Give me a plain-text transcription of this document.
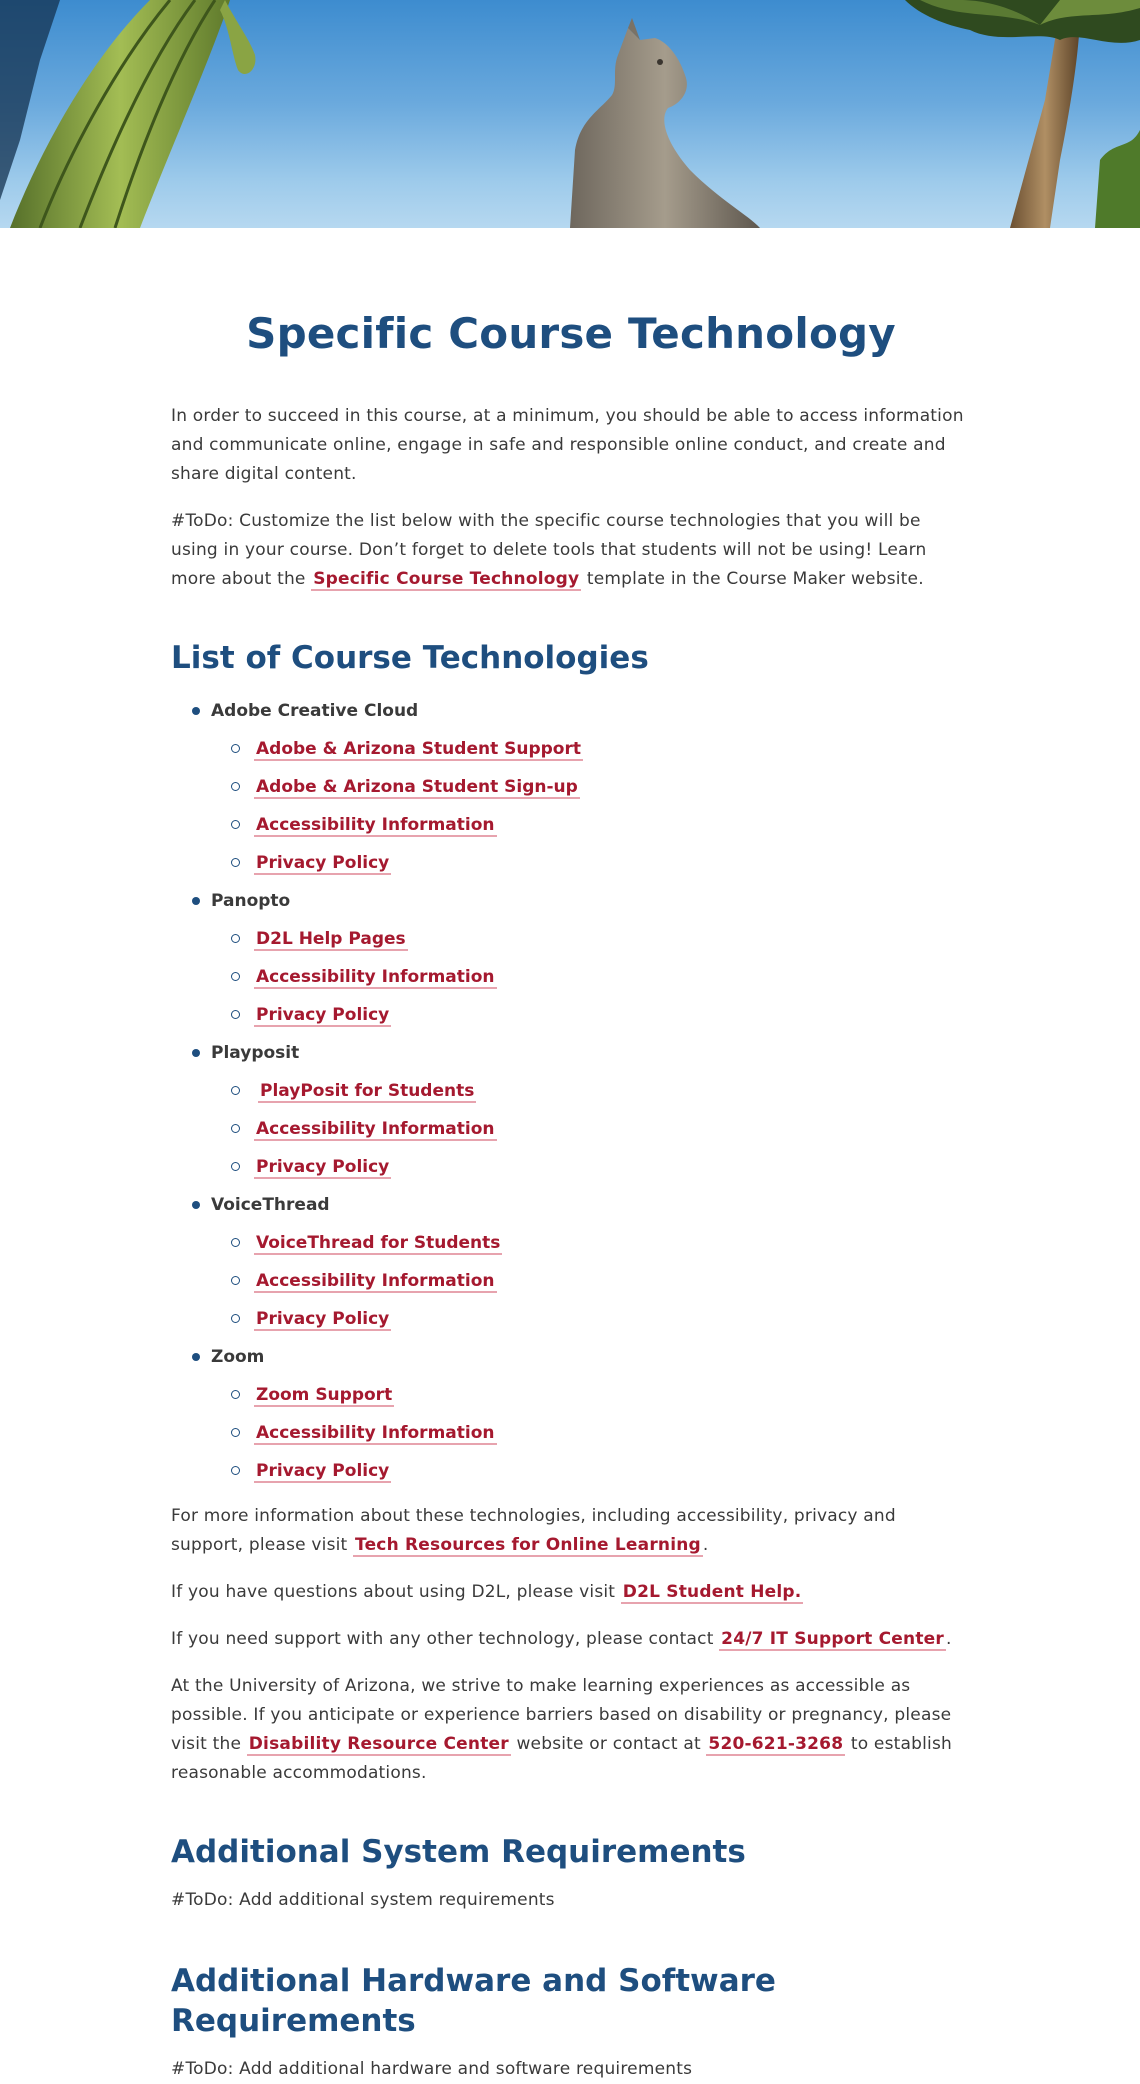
Specific Course Technology

In order to succeed in this course, at a minimum, you should be able to access information and communicate online, engage in safe and responsible online conduct, and create and share digital content.

#ToDo: Customize the list below with the specific course technologies that you will be using in your course. Don’t forget to delete tools that students will not be using! Learn more about the Specific Course Technology template in the Course Maker website.

List of Course Technologies
Adobe Creative Cloud
Adobe & Arizona Student Support
Adobe & Arizona Student Sign-up
Accessibility Information
Privacy Policy
Panopto
D2L Help Pages
Accessibility Information
Privacy Policy
Playposit
PlayPosit for Students
Accessibility Information
Privacy Policy
VoiceThread
VoiceThread for Students
Accessibility Information
Privacy Policy
Zoom
Zoom Support
Accessibility Information
Privacy Policy

For more information about these technologies, including accessibility, privacy and support, please visit Tech Resources for Online Learning .

If you have questions about using D2L, please visit D2L Student Help.

If you need support with any other technology, please contact 24/7 IT Support Center .

At the University of Arizona, we strive to make learning experiences as accessible as possible. If you anticipate or experience barriers based on disability or pregnancy, please visit the Disability Resource Center website or contact at 520-621-3268 to establish reasonable accommodations.

Additional System Requirements

#ToDo: Add additional system requirements

Additional Hardware and Software Requirements

#ToDo: Add additional hardware and software requirements
